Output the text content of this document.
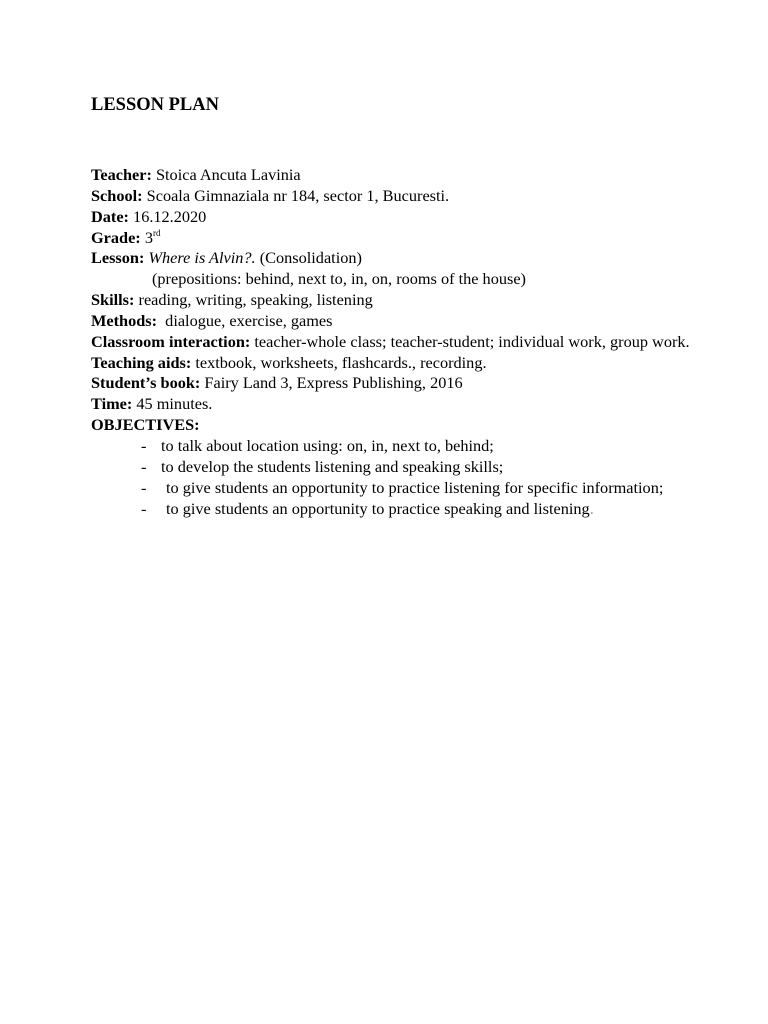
LESSON PLAN
Teacher: Stoica Ancuta Lavinia
School: Scoala Gimnaziala nr 184, sector 1, Bucuresti.
Date: 16.12.2020
Grade: 3rd
Lesson: Where is Alvin?. (Consolidation)
(prepositions: behind, next to, in, on, rooms of the house)
Skills: reading, writing, speaking, listening
Methods: dialogue, exercise, games
Classroom interaction: teacher-whole class; teacher-student; individual work, group work.
Teaching aids: textbook, worksheets, flashcards., recording.
Student’s book: Fairy Land 3, Express Publishing, 2016
Time: 45 minutes.
OBJECTIVES:
- to talk about location using: on, in, next to, behind;
- to develop the students listening and speaking skills;
- to give students an opportunity to practice listening for specific information;
- to give students an opportunity to practice speaking and listening.
